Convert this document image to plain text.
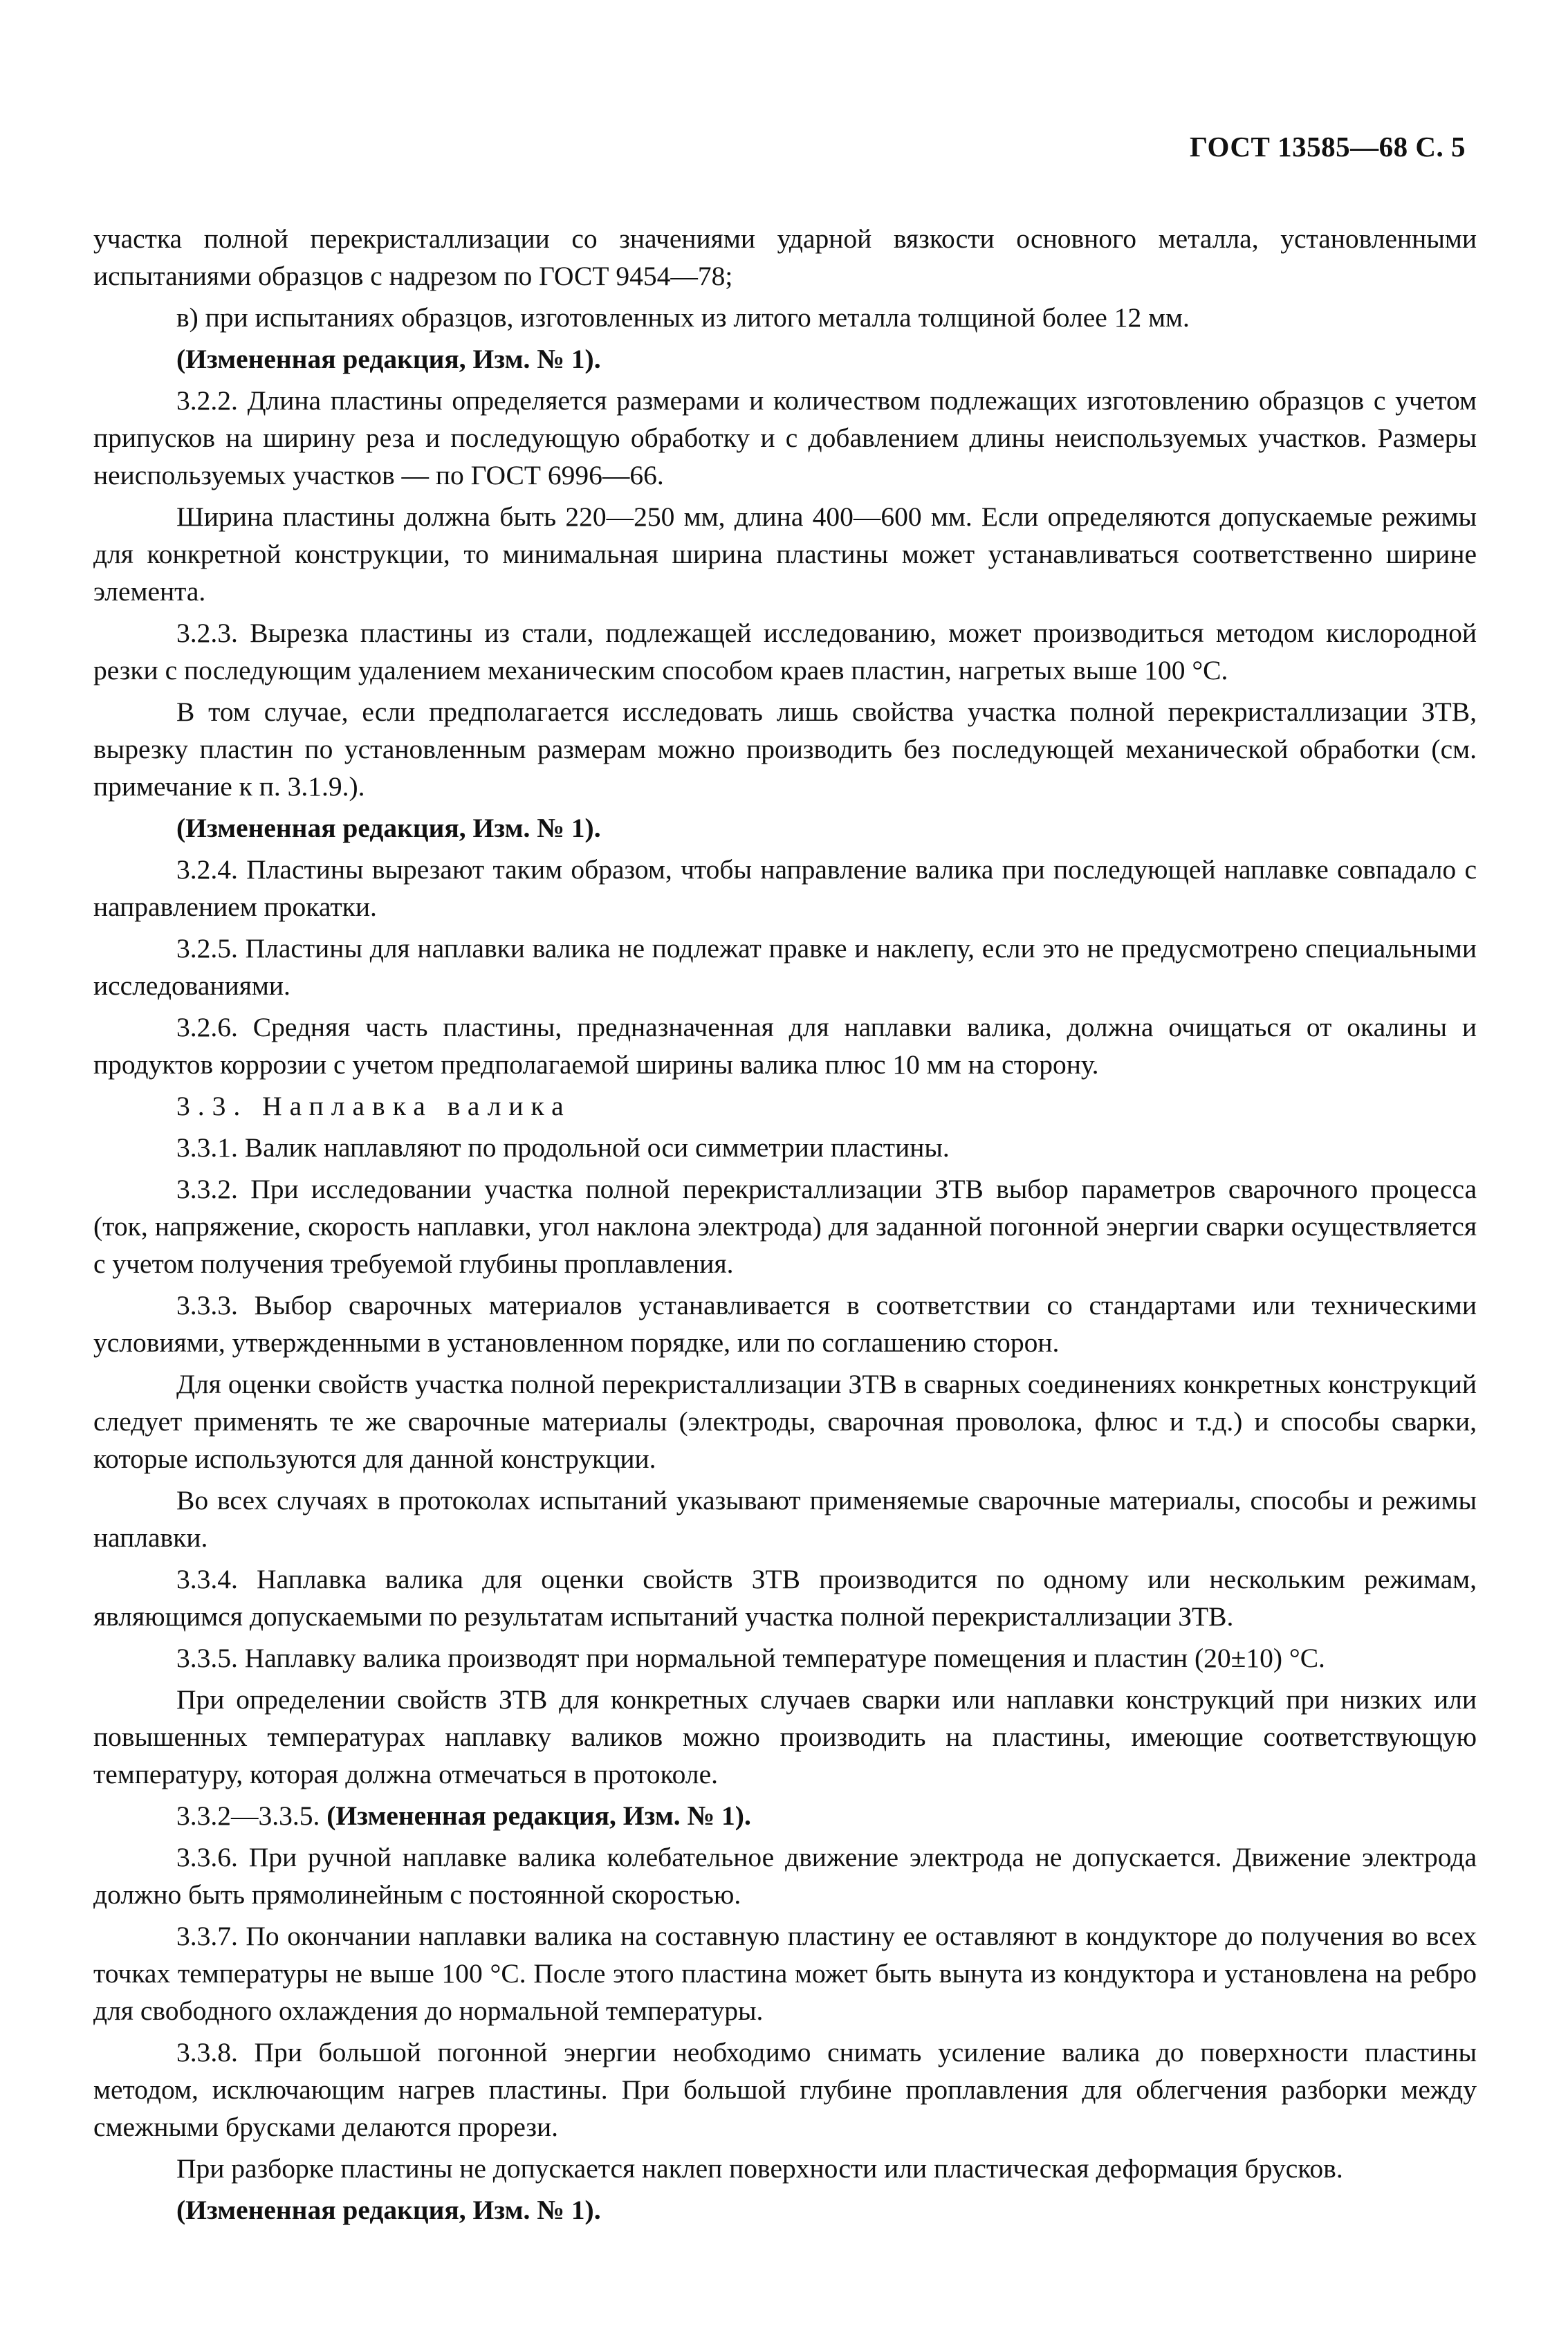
ГОСТ 13585—68 С. 5

участка полной перекристаллизации со значениями ударной вязкости основного металла, установленными испытаниями образцов с надрезом по ГОСТ 9454—78;

в) при испытаниях образцов, изготовленных из литого металла толщиной более 12 мм.

(Измененная редакция, Изм. № 1).

3.2.2. Длина пластины определяется размерами и количеством подлежащих изготовлению образцов с учетом припусков на ширину реза и последующую обработку и с добавлением длины неиспользуемых участков. Размеры неиспользуемых участков — по ГОСТ 6996—66.

Ширина пластины должна быть 220—250 мм, длина 400—600 мм. Если определяются допускаемые режимы для конкретной конструкции, то минимальная ширина пластины может устанавливаться соответственно ширине элемента.

3.2.3. Вырезка пластины из стали, подлежащей исследованию, может производиться методом кислородной резки с последующим удалением механическим способом краев пластин, нагретых выше 100 °С.

В том случае, если предполагается исследовать лишь свойства участка полной перекристаллизации ЗТВ, вырезку пластин по установленным размерам можно производить без последующей механической обработки (см. примечание к п. 3.1.9.).

(Измененная редакция, Изм. № 1).

3.2.4. Пластины вырезают таким образом, чтобы направление валика при последующей наплавке совпадало с направлением прокатки.

3.2.5. Пластины для наплавки валика не подлежат правке и наклепу, если это не предусмотрено специальными исследованиями.

3.2.6. Средняя часть пластины, предназначенная для наплавки валика, должна очищаться от окалины и продуктов коррозии с учетом предполагаемой ширины валика плюс 10 мм на сторону.

3.3. Наплавка валика

3.3.1. Валик наплавляют по продольной оси симметрии пластины.

3.3.2. При исследовании участка полной перекристаллизации ЗТВ выбор параметров сварочного процесса (ток, напряжение, скорость наплавки, угол наклона электрода) для заданной погонной энергии сварки осуществляется с учетом получения требуемой глубины проплавления.

3.3.3. Выбор сварочных материалов устанавливается в соответствии со стандартами или техническими условиями, утвержденными в установленном порядке, или по соглашению сторон.

Для оценки свойств участка полной перекристаллизации ЗТВ в сварных соединениях конкретных конструкций следует применять те же сварочные материалы (электроды, сварочная проволока, флюс и т.д.) и способы сварки, которые используются для данной конструкции.

Во всех случаях в протоколах испытаний указывают применяемые сварочные материалы, способы и режимы наплавки.

3.3.4. Наплавка валика для оценки свойств ЗТВ производится по одному или нескольким режимам, являющимся допускаемыми по результатам испытаний участка полной перекристаллизации ЗТВ.

3.3.5. Наплавку валика производят при нормальной температуре помещения и пластин (20±10) °С.

При определении свойств ЗТВ для конкретных случаев сварки или наплавки конструкций при низких или повышенных температурах наплавку валиков можно производить на пластины, имеющие соответствующую температуру, которая должна отмечаться в протоколе.

3.3.2—3.3.5. (Измененная редакция, Изм. № 1).

3.3.6. При ручной наплавке валика колебательное движение электрода не допускается. Движение электрода должно быть прямолинейным с постоянной скоростью.

3.3.7. По окончании наплавки валика на составную пластину ее оставляют в кондукторе до получения во всех точках температуры не выше 100 °С. После этого пластина может быть вынута из кондуктора и установлена на ребро для свободного охлаждения до нормальной температуры.

3.3.8. При большой погонной энергии необходимо снимать усиление валика до поверхности пластины методом, исключающим нагрев пластины. При большой глубине проплавления для облегчения разборки между смежными брусками делаются прорези.

При разборке пластины не допускается наклеп поверхности или пластическая деформация брусков.

(Измененная редакция, Изм. № 1).
